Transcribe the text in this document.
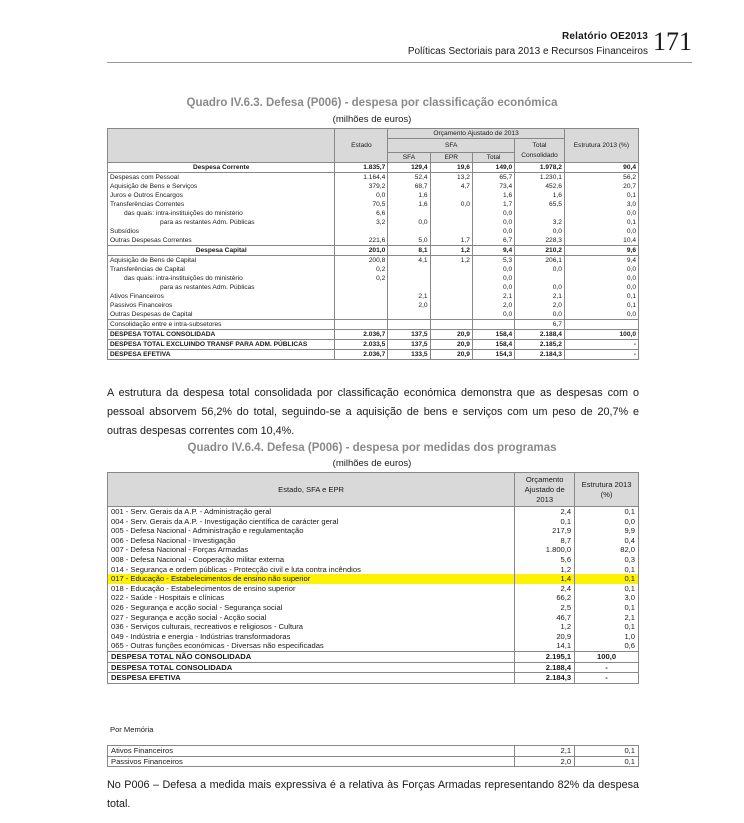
Relatório OE2013
Políticas Sectoriais para 2013 e Recursos Financeiros 171
Quadro IV.6.3. Defesa (P006) - despesa por classificação económica
(milhões de euros)
	Estado	Orçamento Ajustado de 2013				Estrutura 2013 (%)
		SFA			Total Consolidado	
		SFA	EPR	Total		
Despesa Corrente	1.835,7	129,4	19,6	149,0	1.978,2	90,4
Despesas com Pessoal	1.164,4	52,4	13,2	65,7	1.230,1	56,2
Aquisição de Bens e Serviços	379,2	68,7	4,7	73,4	452,6	20,7
Juros e Outros Encargos	0,0	1,6		1,6	1,6	0,1
Transferências Correntes	70,5	1,6	0,0	1,7	65,5	3,0
das quais: intra-instituições do ministério	6,6			0,0		0,0
para as restantes Adm. Públicas	3,2	0,0		0,0	3,2	0,1
Subsídios				0,0	0,0	0,0
Outras Despesas Correntes	221,6	5,0	1,7	6,7	228,3	10,4
Despesa Capital	201,0	8,1	1,2	9,4	210,2	9,6
Aquisição de Bens de Capital	200,8	4,1	1,2	5,3	206,1	9,4
Transferências de Capital	0,2			0,0	0,0	0,0
das quais: intra-instituições do ministério	0,2			0,0		0,0
para as restantes Adm. Públicas				0,0	0,0	0,0
Ativos Financeiros		2,1		2,1	2,1	0,1
Passivos Financeiros		2,0		2,0	2,0	0,1
Outras Despesas de Capital				0,0	0,0	0,0
Consolidação entre e intra-subsetores					6,7	
DESPESA TOTAL CONSOLIDADA	2.036,7	137,5	20,9	158,4	2.188,4	100,0
DESPESA TOTAL EXCLUINDO TRANSF PARA ADM. PÚBLICAS	2.033,5	137,5	20,9	158,4	2.185,2	-
DESPESA EFETIVA	2.036,7	133,5	20,9	154,3	2.184,3	-
A estrutura da despesa total consolidada por classificação económica demonstra que as despesas com o pessoal absorvem 56,2% do total, seguindo-se a aquisição de bens e serviços com um peso de 20,7% e outras despesas correntes com 10,4%.
Quadro IV.6.4. Defesa (P006) - despesa por medidas dos programas
(milhões de euros)
Estado, SFA e EPR	Orçamento Ajustado de 2013	Estrutura 2013 (%)
001 - Serv. Gerais da A.P. - Administração geral	2,4	0,1
004 - Serv. Gerais da A.P. - Investigação científica de carácter geral	0,1	0,0
005 - Defesa Nacional - Administração e regulamentação	217,9	9,9
006 - Defesa Nacional - Investigação	8,7	0,4
007 - Defesa Nacional - Forças Armadas	1.800,0	82,0
008 - Defesa Nacional - Cooperação militar externa	5,6	0,3
014 - Segurança e ordem públicas - Protecção civil e luta contra incêndios	1,2	0,1
017 - Educação - Estabelecimentos de ensino não superior	1,4	0,1
018 - Educação - Estabelecimentos de ensino superior	2,4	0,1
022 - Saúde - Hospitais e clínicas	66,2	3,0
026 - Segurança e acção social - Segurança social	2,5	0,1
027 - Segurança e acção social - Acção social	46,7	2,1
036 - Serviços culturais, recreativos e religiosos - Cultura	1,2	0,1
049 - Indústria e energia - Indústrias transformadoras	20,9	1,0
065 - Outras funções económicas - Diversas não especificadas	14,1	0,6
DESPESA TOTAL NÃO CONSOLIDADA	2.195,1	100,0
DESPESA TOTAL CONSOLIDADA	2.188,4	-
DESPESA EFETIVA	2.184,3	-
Por Memória
Ativos Financeiros	2,1	0,1
Passivos Financeiros	2,0	0,1
No P006 – Defesa a medida mais expressiva é a relativa às Forças Armadas representando 82% da despesa total.
